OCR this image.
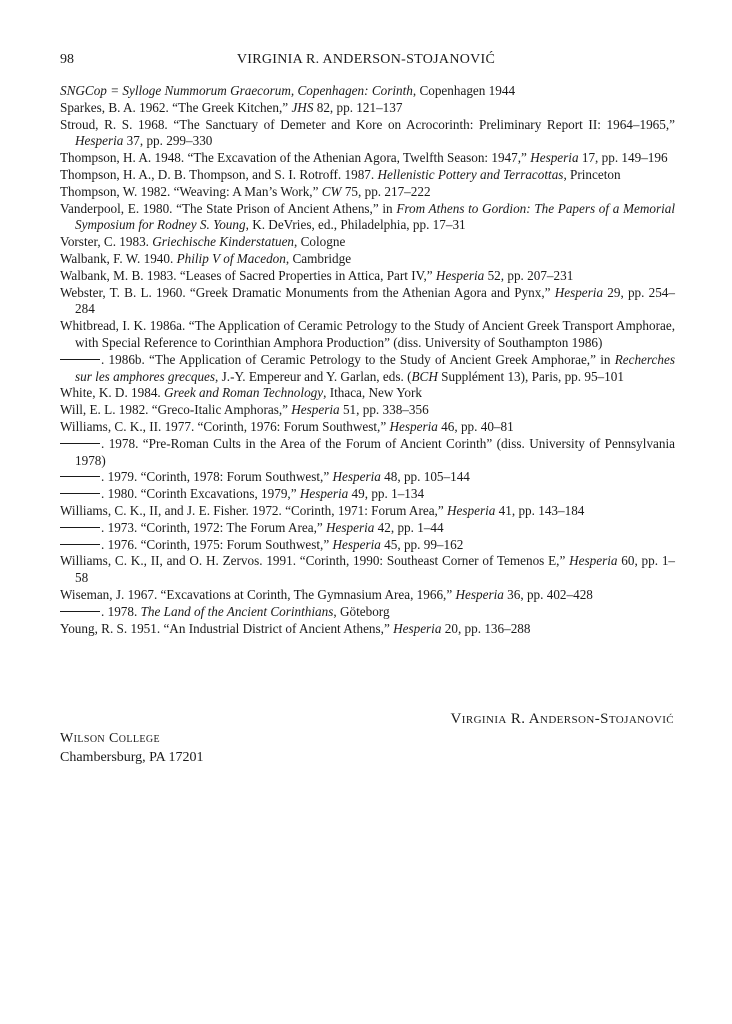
98	VIRGINIA R. ANDERSON-STOJANOVIĆ
SNGCop = Sylloge Nummorum Graecorum, Copenhagen: Corinth, Copenhagen 1944
Sparkes, B. A. 1962. “The Greek Kitchen,” JHS 82, pp. 121–137
Stroud, R. S. 1968. “The Sanctuary of Demeter and Kore on Acrocorinth: Preliminary Report II: 1964–1965,” Hesperia 37, pp. 299–330
Thompson, H. A. 1948. “The Excavation of the Athenian Agora, Twelfth Season: 1947,” Hesperia 17, pp. 149–196
Thompson, H. A., D. B. Thompson, and S. I. Rotroff. 1987. Hellenistic Pottery and Terracottas, Princeton
Thompson, W. 1982. “Weaving: A Man’s Work,” CW 75, pp. 217–222
Vanderpool, E. 1980. “The State Prison of Ancient Athens,” in From Athens to Gordion: The Papers of a Memorial Symposium for Rodney S. Young, K. DeVries, ed., Philadelphia, pp. 17–31
Vorster, C. 1983. Griechische Kinderstatuen, Cologne
Walbank, F. W. 1940. Philip V of Macedon, Cambridge
Walbank, M. B. 1983. “Leases of Sacred Properties in Attica, Part IV,” Hesperia 52, pp. 207–231
Webster, T. B. L. 1960. “Greek Dramatic Monuments from the Athenian Agora and Pynx,” Hesperia 29, pp. 254–284
Whitbread, I. K. 1986a. “The Application of Ceramic Petrology to the Study of Ancient Greek Transport Amphorae, with Special Reference to Corinthian Amphora Production” (diss. University of Southampton 1986)
. 1986b. “The Application of Ceramic Petrology to the Study of Ancient Greek Amphorae,” in Recherches sur les amphores grecques, J.-Y. Empereur and Y. Garlan, eds. (BCH Supplément 13), Paris, pp. 95–101
White, K. D. 1984. Greek and Roman Technology, Ithaca, New York
Will, E. L. 1982. “Greco-Italic Amphoras,” Hesperia 51, pp. 338–356
Williams, C. K., II. 1977. “Corinth, 1976: Forum Southwest,” Hesperia 46, pp. 40–81
. 1978. “Pre-Roman Cults in the Area of the Forum of Ancient Corinth” (diss. University of Pennsylvania 1978)
. 1979. “Corinth, 1978: Forum Southwest,” Hesperia 48, pp. 105–144
. 1980. “Corinth Excavations, 1979,” Hesperia 49, pp. 1–134
Williams, C. K., II, and J. E. Fisher. 1972. “Corinth, 1971: Forum Area,” Hesperia 41, pp. 143–184
. 1973. “Corinth, 1972: The Forum Area,” Hesperia 42, pp. 1–44
. 1976. “Corinth, 1975: Forum Southwest,” Hesperia 45, pp. 99–162
Williams, C. K., II, and O. H. Zervos. 1991. “Corinth, 1990: Southeast Corner of Temenos E,” Hesperia 60, pp. 1–58
Wiseman, J. 1967. “Excavations at Corinth, The Gymnasium Area, 1966,” Hesperia 36, pp. 402–428
. 1978. The Land of the Ancient Corinthians, Göteborg
Young, R. S. 1951. “An Industrial District of Ancient Athens,” Hesperia 20, pp. 136–288
Virginia R. Anderson-Stojanović
Wilson College
Chambersburg, PA 17201
